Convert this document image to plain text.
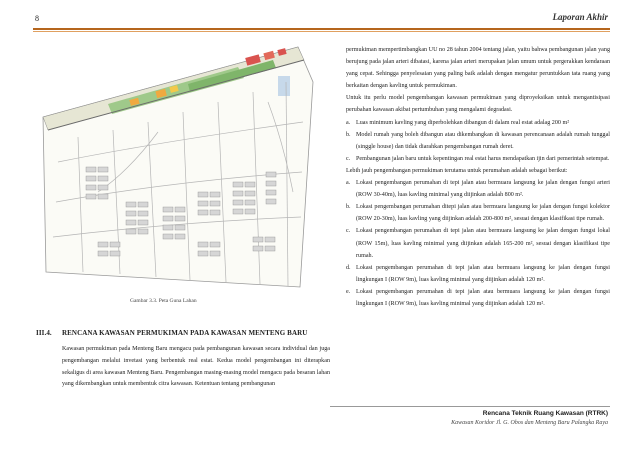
8	Laporan Akhir
Gambar 3.3. Peta Guna Lahan
III.4. RENCANA KAWASAN PERMUKIMAN PADA KAWASAN MENTENG BARU
Kawasan permukiman pada Menteng Baru mengacu pada pembangunan kawasan secara individual dan juga pengembangan melalui invetasi yang berbentuk real estat. Kedua model pengembangan ini diterapkan sekaligus di area kawasan Menteng Baru. Pengembangan masing-masing model mengacu pada besaran lahan yang dikembangkan untuk membentuk citra kawasan. Ketentuan tentang pembangunan

permukiman mempertimbangkan UU no 28 tahun 2004 tentang jalan, yaitu bahwa pembangunan jalan yang berujung pada jalan arteri dibatasi, karena jalan arteri merupakan jalan umum untuk pergerakkan kendaraan yang cepat. Sehingga penyelesaian yang paling baik adalah dengan mengatur peruntukkan tata ruang yang berkaitan dengan kavling untuk permukiman.

Untuk itu perlu model pengembangan kawasan permukiman yang diproyeksikan untuk mengantisipasi perubahan kawasan akibat pertumbuhan yang mengalami degradasi.

a. Luas minimum kavling yang diperbolehkan dibangun di dalam real estat adalag 200 m²
b. Model rumah yang boleh dibangun atau dikembangkan di kawasan perencanaan adalah rumah tunggal (singgle house) dan tidak diarahkan pengembangan rumah deret.
c. Pembangunan jalan baru untuk kepentingan real estat harus mendapatkan ijin dari pemerintah setempat.

Lebih jauh pengembangan permukiman terutama untuk perumahan adalah sebagai berikut:

a. Lokasi pengembangan perumahan di tepi jalan atau bermuara langsung ke jalan dengan fungsi arteri (ROW 30-40m), luas kavling minimal yang diijinkan adalah 800 m².
b. Lokasi pengembangan perumahan ditepi jalan atau bermuara langsung ke jalan dengan fungsi kolektor (ROW 20-30m), luas kavling yang diijinkan adalah 200-800 m², sesuai dengan klasifikasi tipe rumah.
c. Lokasi pengembangan perumahan di tepi jalan atau bermuara langsung ke jalan dengan fungsi lokal (ROW 15m), luas kavling minimal yang diijinkan adalah 165-200 m², sesuai dengan klasifikasi tipe rumah.
d. Lokasi pengembangan perumahan di tepi jalan atau bermuara langsung ke jalan dengan fungsi lingkungan I (ROW 9m), luas kavling minimal yang diijinkan adalah 120 m².
e. Lokasi pengembangan perumahan di tepi jalan atau bermuara langsung ke jalan dengan fungsi lingkungan I (ROW 9m), luas kavling minimal yang diijinkan adalah 120 m².
Rencana Teknik Ruang Kawasan (RTRK)
Kawasan Koridor Jl. G. Obos dan Menteng Baru Palangka Raya
